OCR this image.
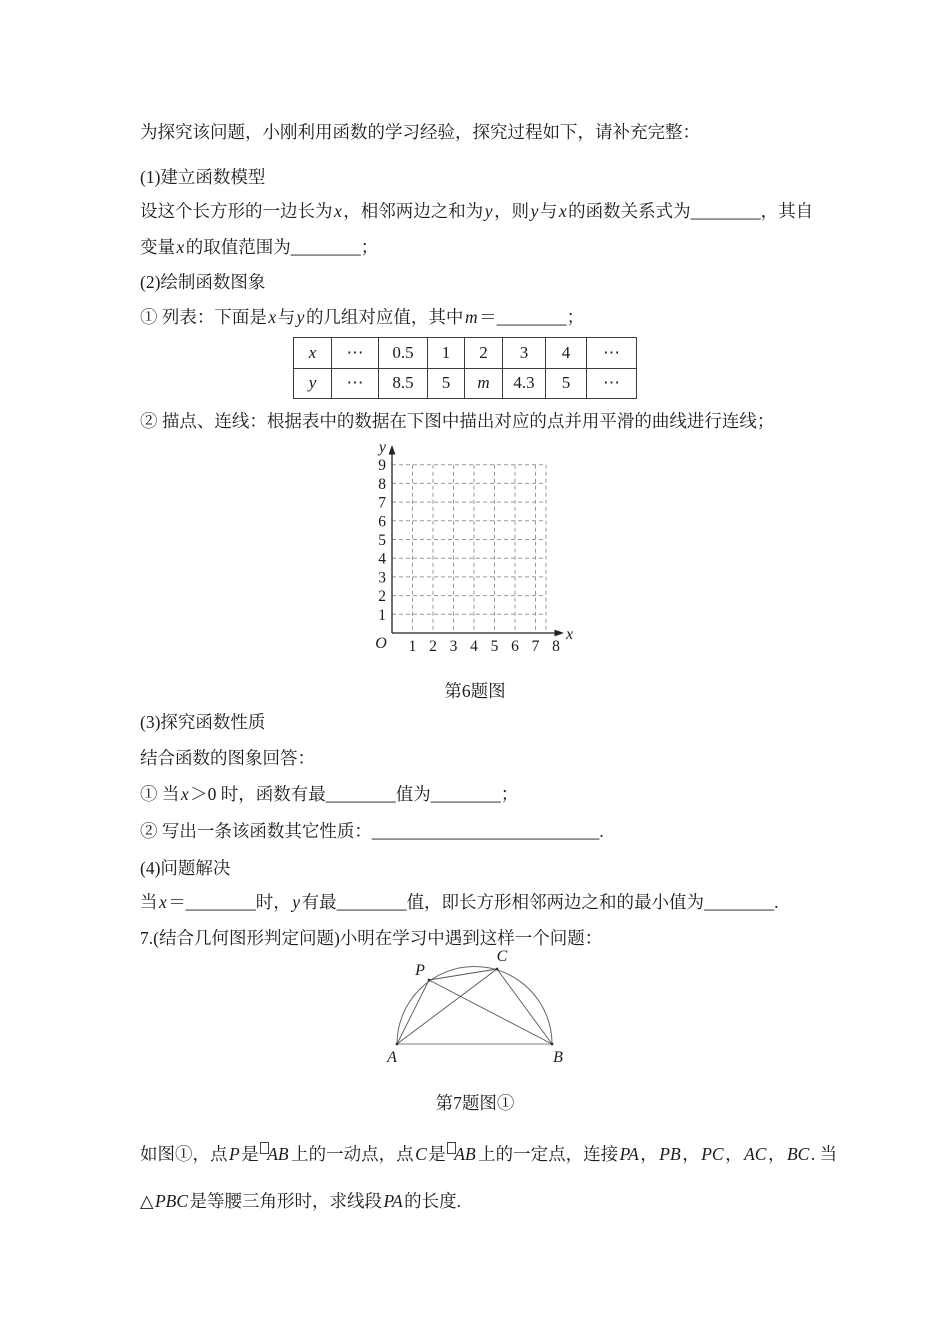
为探究该问题，小刚利用函数的学习经验，探究过程如下，请补充完整：
(1)建立函数模型
设这个长方形的一边长为x，相邻两边之和为y，则y与x的函数关系式为________，其自
变量x的取值范围为________；
(2)绘制函数图象
① 列表：下面是x与y的几组对应值，其中m＝________；
x	⋯	0.5	1	2	3	4	⋯
y	⋯	8.5	5	m	4.3	5	⋯
② 描点、连线：根据表中的数据在下图中描出对应的点并用平滑的曲线进行连线；
1
2
3
4
5
6
7
8
9
1 2 3 4 5 6 7 8
O
y
x
第6题图
(3)探究函数性质
结合函数的图象回答：
① 当x＞0 时，函数有最________值为________；
② 写出一条该函数其它性质：__________________________.
(4)问题解决
当x＝________时，y有最________值，即长方形相邻两边之和的最小值为________.
7.(结合几何图形判定问题)小明在学习中遇到这样一个问题：
P
C
A	B
第7题图①
如图①，点P是 AB 上的一动点，点C是 AB 上的一定点，连接PA，PB，PC，AC，BC. 当
△PBC是等腰三角形时，求线段PA的长度.
